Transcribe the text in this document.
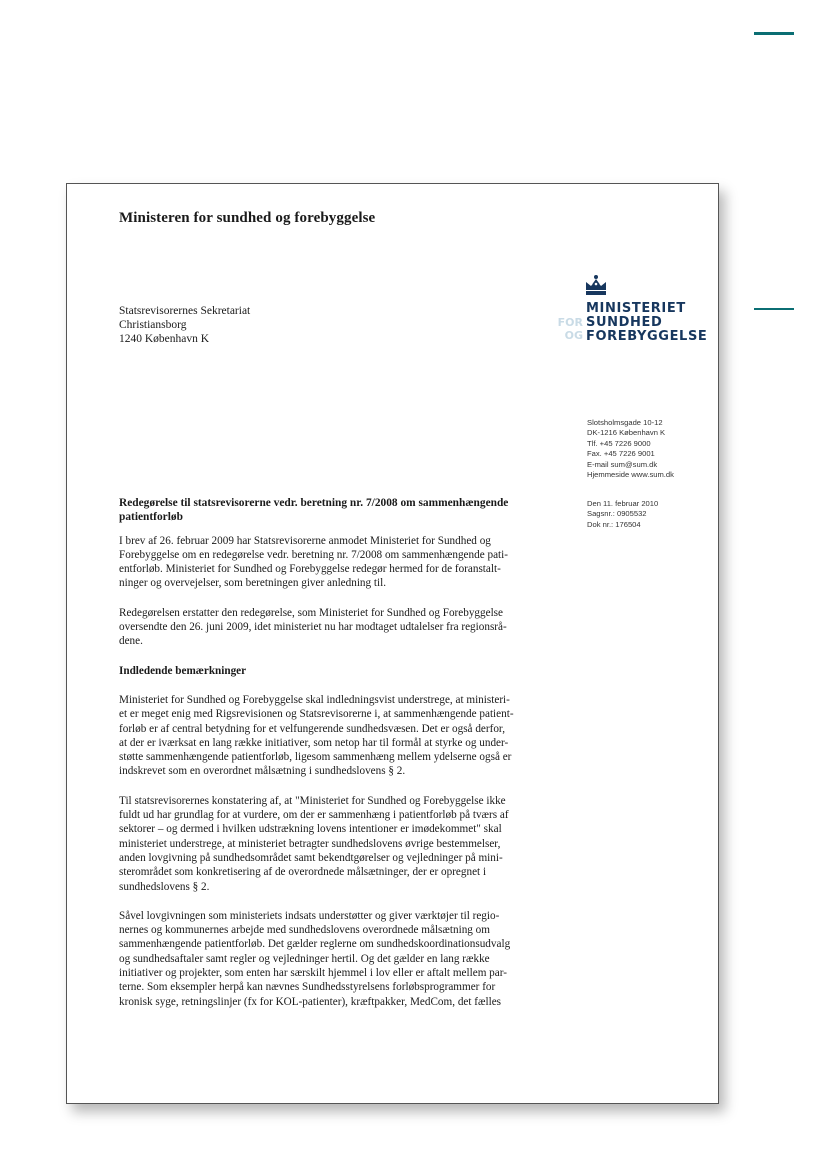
Ministeren for sundhed og forebyggelse
Statsrevisorernes Sekretariat
Christiansborg
1240 København K
FOR
OG
MINISTERIET
SUNDHED
FOREBYGGELSE
Slotsholmsgade 10-12
DK-1216 København K
Tlf. +45 7226 9000
Fax. +45 7226 9001
E-mail sum@sum.dk
Hjemmeside www.sum.dk
Den 11. februar 2010
Sagsnr.: 0905532
Dok nr.: 176504

Redegørelse til statsrevisorerne vedr. beretning nr. 7/2008 om sammenhængende

patientforløb

I brev af 26. februar 2009 har Statsrevisorerne anmodet Ministeriet for Sundhed og

Forebyggelse om en redegørelse vedr. beretning nr. 7/2008 om sammenhængende pati-

entforløb. Ministeriet for Sundhed og Forebyggelse redegør hermed for de foranstalt-

ninger og overvejelser, som beretningen giver anledning til.

Redegørelsen erstatter den redegørelse, som Ministeriet for Sundhed og Forebyggelse

oversendte den 26. juni 2009, idet ministeriet nu har modtaget udtalelser fra regionsrå-

dene.

Indledende bemærkninger

Ministeriet for Sundhed og Forebyggelse skal indledningsvist understrege, at ministeri-

et er meget enig med Rigsrevisionen og Statsrevisorerne i, at sammenhængende patient-

forløb er af central betydning for et velfungerende sundhedsvæsen. Det er også derfor,

at der er iværksat en lang række initiativer, som netop har til formål at styrke og under-

støtte sammenhængende patientforløb, ligesom sammenhæng mellem ydelserne også er

indskrevet som en overordnet målsætning i sundhedslovens § 2.

Til statsrevisorernes konstatering af, at "Ministeriet for Sundhed og Forebyggelse ikke

fuldt ud har grundlag for at vurdere, om der er sammenhæng i patientforløb på tværs af

sektorer – og dermed i hvilken udstrækning lovens intentioner er imødekommet" skal

ministeriet understrege, at ministeriet betragter sundhedslovens øvrige bestemmelser,

anden lovgivning på sundhedsområdet samt bekendtgørelser og vejledninger på mini-

sterområdet som konkretisering af de overordnede målsætninger, der er opregnet i

sundhedslovens § 2.

Såvel lovgivningen som ministeriets indsats understøtter og giver værktøjer til regio-

nernes og kommunernes arbejde med sundhedslovens overordnede målsætning om

sammenhængende patientforløb. Det gælder reglerne om sundhedskoordinationsudvalg

og sundhedsaftaler samt regler og vejledninger hertil. Og det gælder en lang række

initiativer og projekter, som enten har særskilt hjemmel i lov eller er aftalt mellem par-

terne. Som eksempler herpå kan nævnes Sundhedsstyrelsens forløbsprogrammer for

kronisk syge, retningslinjer (fx for KOL-patienter), kræftpakker, MedCom, det fælles
